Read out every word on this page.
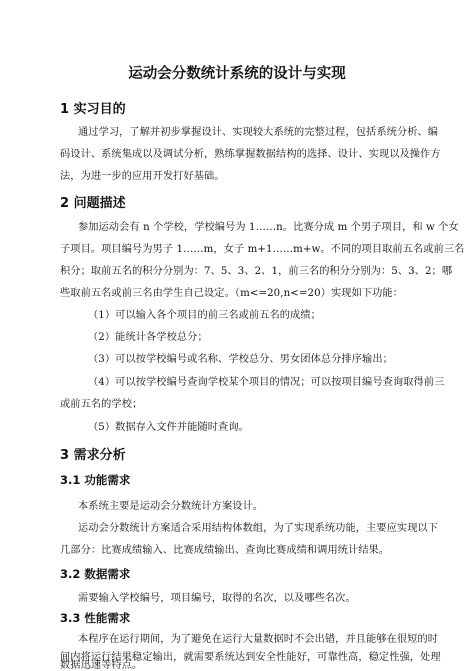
运动会分数统计系统的设计与实现
1 实习目的
通过学习，了解并初步掌握设计、实现较大系统的完整过程，包括系统分析、编
码设计、系统集成以及调试分析，熟练掌握数据结构的选择、设计、实现以及操作方
法，为进一步的应用开发打好基础。
2 问题描述
参加运动会有 n 个学校，学校编号为 1……n。比赛分成 m 个男子项目，和 w 个女
子项目。项目编号为男子 1……m，女子 m+1……m+w。不同的项目取前五名或前三名
积分；取前五名的积分分别为：7、5、3、2、1，前三名的积分分别为：5、3、2；哪
些取前五名或前三名由学生自己设定。（m<=20,n<=20）实现如下功能：
（1）可以输入各个项目的前三名或前五名的成绩；
（2）能统计各学校总分；
（3）可以按学校编号或名称、学校总分、男女团体总分排序输出；
（4）可以按学校编号查询学校某个项目的情况；可以按项目编号查询取得前三
或前五名的学校；
（5）数据存入文件并能随时查询。
3 需求分析
3.1 功能需求
本系统主要是运动会分数统计方案设计。
运动会分数统计方案适合采用结构体数组，为了实现系统功能，主要应实现以下
几部分：比赛成绩输入、比赛成绩输出、查询比赛成绩和调用统计结果。
3.2 数据需求
需要输入学校编号，项目编号，取得的名次，以及哪些名次。
3.3 性能需求
本程序在运行期间，为了避免在运行大量数据时不会出错，并且能够在很短的时
间内将运行结果稳定输出，就需要系统达到安全性能好，可靠性高，稳定性强，处理
数据迅速等特点。
